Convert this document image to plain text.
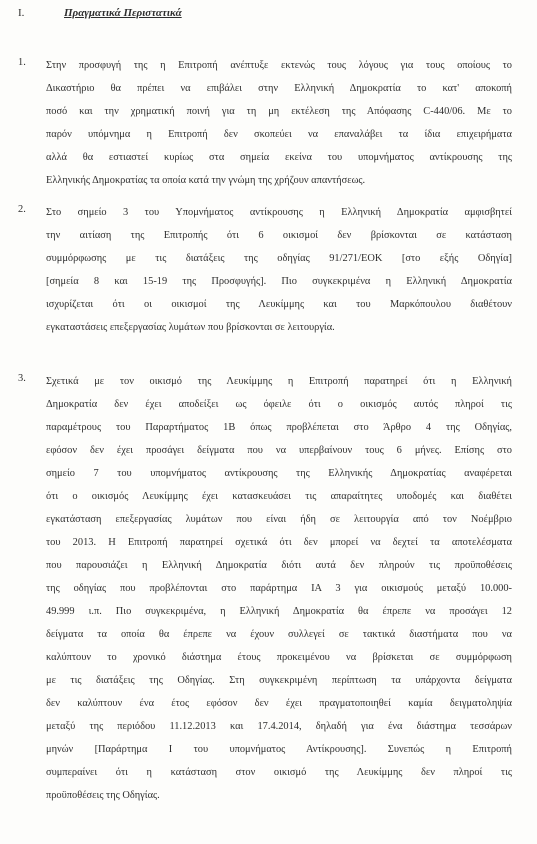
I.	Πραγματικά Περιστατικά
1. Στην προσφυγή της η Επιτροπή ανέπτυξε εκτενώς τους λόγους για τους οποίους το
Δικαστήριο θα πρέπει να επιβάλει στην Ελληνική Δημοκρατία το κατ' αποκοπή
ποσό και την χρηματική ποινή για τη μη εκτέλεση της Απόφασης C-440/06. Με το
παρόν υπόμνημα η Επιτροπή δεν σκοπεύει να επαναλάβει τα ίδια επιχειρήματα
αλλά θα εστιαστεί κυρίως στα σημεία εκείνα του υπομνήματος αντίκρουσης της
Ελληνικής Δημοκρατίας τα οποία κατά την γνώμη της χρήζουν απαντήσεως.
2. Στο σημείο 3 του Υπομνήματος αντίκρουσης η Ελληνική Δημοκρατία αμφισβητεί
την αιτίαση της Επιτροπής ότι 6 οικισμοί δεν βρίσκονται σε κατάσταση
συμμόρφωσης με τις διατάξεις της οδηγίας 91/271/ΕΟΚ [στο εξής Οδηγία]
[σημεία 8 και 15-19 της Προσφυγής]. Πιο συγκεκριμένα η Ελληνική Δημοκρατία
ισχυρίζεται ότι οι οικισμοί της Λευκίμμης και του Μαρκόπουλου διαθέτουν
εγκαταστάσεις επεξεργασίας λυμάτων που βρίσκονται σε λειτουργία.
3. Σχετικά με τον οικισμό της Λευκίμμης η Επιτροπή παρατηρεί ότι η Ελληνική
Δημοκρατία δεν έχει αποδείξει ως όφειλε ότι ο οικισμός αυτός πληροί τις
παραμέτρους του Παραρτήματος 1Β όπως προβλέπεται στο Άρθρο 4 της Οδηγίας,
εφόσον δεν έχει προσάγει δείγματα που να υπερβαίνουν τους 6 μήνες. Επίσης στο
σημείο 7 του υπομνήματος αντίκρουσης της Ελληνικής Δημοκρατίας αναφέρεται
ότι ο οικισμός Λευκίμμης έχει κατασκευάσει τις απαραίτητες υποδομές και διαθέτει
εγκατάσταση επεξεργασίας λυμάτων που είναι ήδη σε λειτουργία από τον Νοέμβριο
του 2013. Η Επιτροπή παρατηρεί σχετικά ότι δεν μπορεί να δεχτεί τα αποτελέσματα
που παρουσιάζει η Ελληνική Δημοκρατία διότι αυτά δεν πληρούν τις προϋποθέσεις
της οδηγίας που προβλέπονται στο παράρτημα ΙΑ 3 για οικισμούς μεταξύ 10.000-
49.999 ι.π. Πιο συγκεκριμένα, η Ελληνική Δημοκρατία θα έπρεπε να προσάγει 12
δείγματα τα οποία θα έπρεπε να έχουν συλλεγεί σε τακτικά διαστήματα που να
καλύπτουν το χρονικό διάστημα έτους προκειμένου να βρίσκεται σε συμμόρφωση
με τις διατάξεις της Οδηγίας. Στη συγκεκριμένη περίπτωση τα υπάρχοντα δείγματα
δεν καλύπτουν ένα έτος εφόσον δεν έχει πραγματοποιηθεί καμία δειγματοληψία
μεταξύ της περιόδου 11.12.2013 και 17.4.2014, δηλαδή για ένα διάστημα τεσσάρων
μηνών [Παράρτημα Ι του υπομνήματος Αντίκρουσης]. Συνεπώς η Επιτροπή
συμπεραίνει ότι η κατάσταση στον οικισμό της Λευκίμμης δεν πληροί τις
προϋποθέσεις της Οδηγίας.
